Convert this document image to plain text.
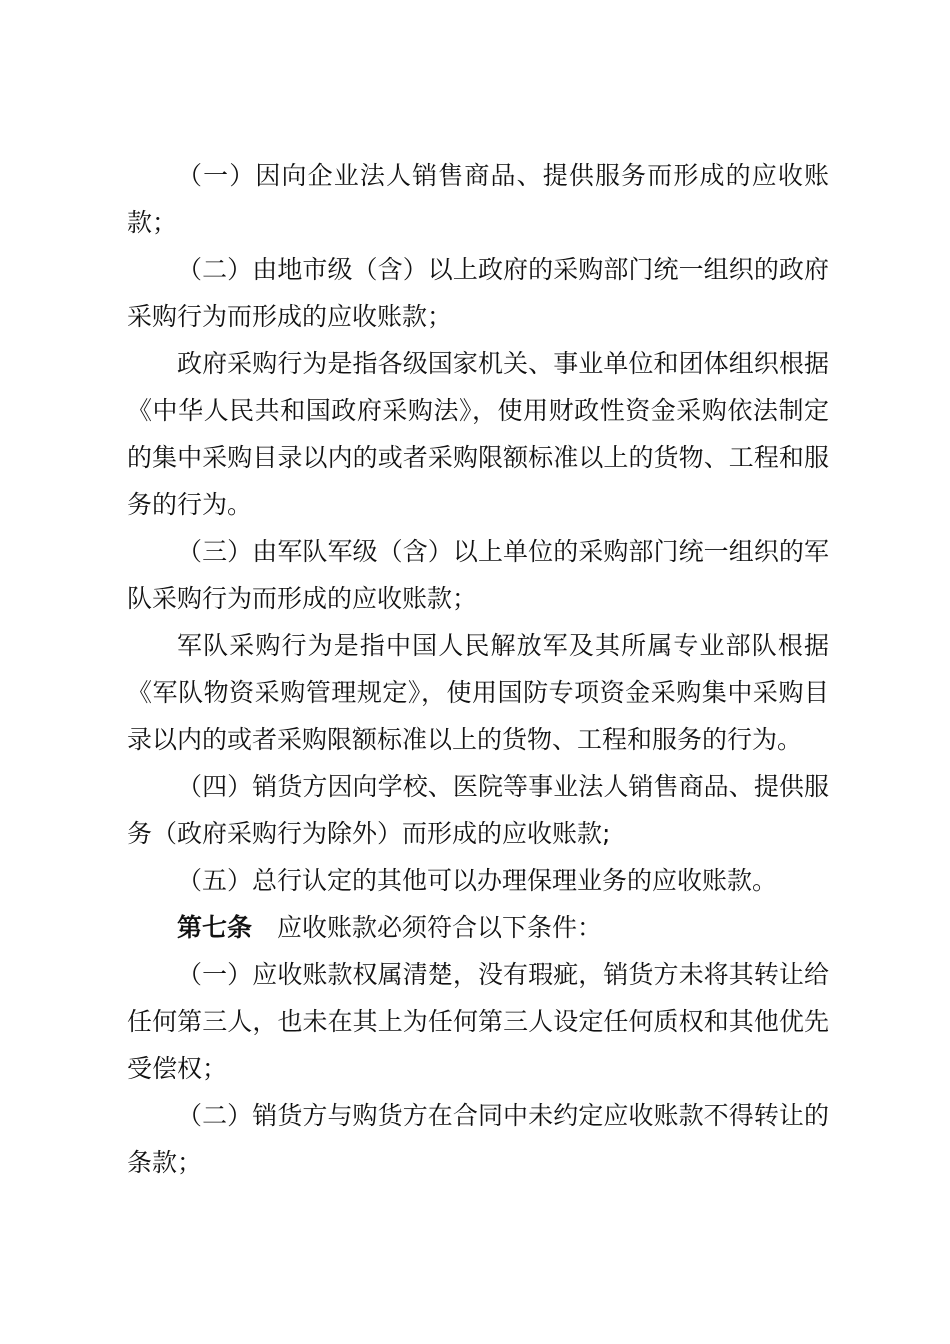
（一）因向企业法人销售商品、提供服务而形成的应收账款；

（二）由地市级（含）以上政府的采购部门统一组织的政府采购行为而形成的应收账款；

政府采购行为是指各级国家机关、事业单位和团体组织根据《中华人民共和国政府采购法》，使用财政性资金采购依法制定的集中采购目录以内的或者采购限额标准以上的货物、工程和服务的行为。

（三）由军队军级（含）以上单位的采购部门统一组织的军队采购行为而形成的应收账款；

军队采购行为是指中国人民解放军及其所属专业部队根据《军队物资采购管理规定》，使用国防专项资金采购集中采购目录以内的或者采购限额标准以上的货物、工程和服务的行为。

（四）销货方因向学校、医院等事业法人销售商品、提供服务（政府采购行为除外）而形成的应收账款;

（五）总行认定的其他可以办理保理业务的应收账款。

第七条 应收账款必须符合以下条件：

（一）应收账款权属清楚，没有瑕疵，销货方未将其转让给任何第三人，也未在其上为任何第三人设定任何质权和其他优先受偿权；

（二）销货方与购货方在合同中未约定应收账款不得转让的条款；
